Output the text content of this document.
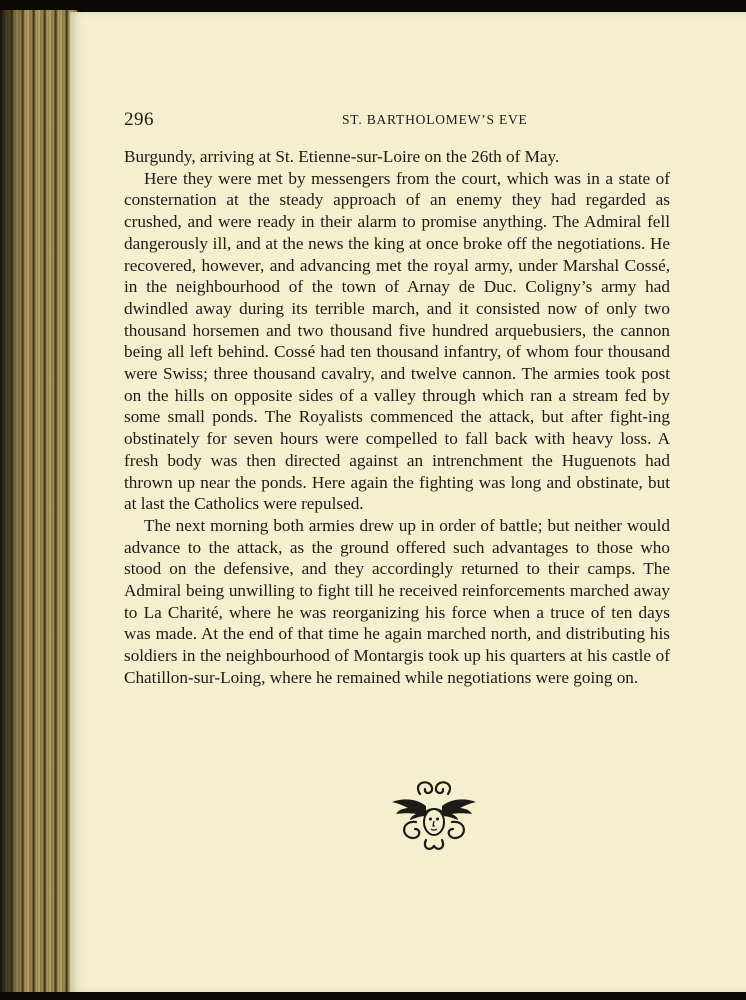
296	ST. BARTHOLOMEW’S EVE

Burgundy, arriving at St. Etienne-sur-Loire on the 26th of May.

Here they were met by messengers from the court, which was in a state of consternation at the steady approach of an enemy they had regarded as crushed, and were ready in their alarm to promise anything. The Admiral fell dangerously ill, and at the news the king at once broke off the negotiations. He recovered, however, and advancing met the royal army, under Marshal Cossé, in the neighbourhood of the town of Arnay de Duc. Coligny’s army had dwindled away during its terrible march, and it consisted now of only two thousand horsemen and two thousand five hundred arquebusiers, the cannon being all left behind. Cossé had ten thousand infantry, of whom four thousand were Swiss; three thousand cavalry, and twelve cannon. The armies took post on the hills on opposite sides of a valley through which ran a stream fed by some small ponds. The Royalists commenced the attack, but after fight-ing obstinately for seven hours were compelled to fall back with heavy loss. A fresh body was then directed against an intrenchment the Huguenots had thrown up near the ponds. Here again the fighting was long and obstinate, but at last the Catholics were repulsed.

The next morning both armies drew up in order of battle; but neither would advance to the attack, as the ground offered such advantages to those who stood on the defensive, and they accordingly returned to their camps. The Admiral being unwilling to fight till he received reinforcements marched away to La Charité, where he was reorganizing his force when a truce of ten days was made. At the end of that time he again marched north, and distributing his soldiers in the neighbourhood of Montargis took up his quarters at his castle of Chatillon-sur-Loing, where he remained while negotiations were going on.
